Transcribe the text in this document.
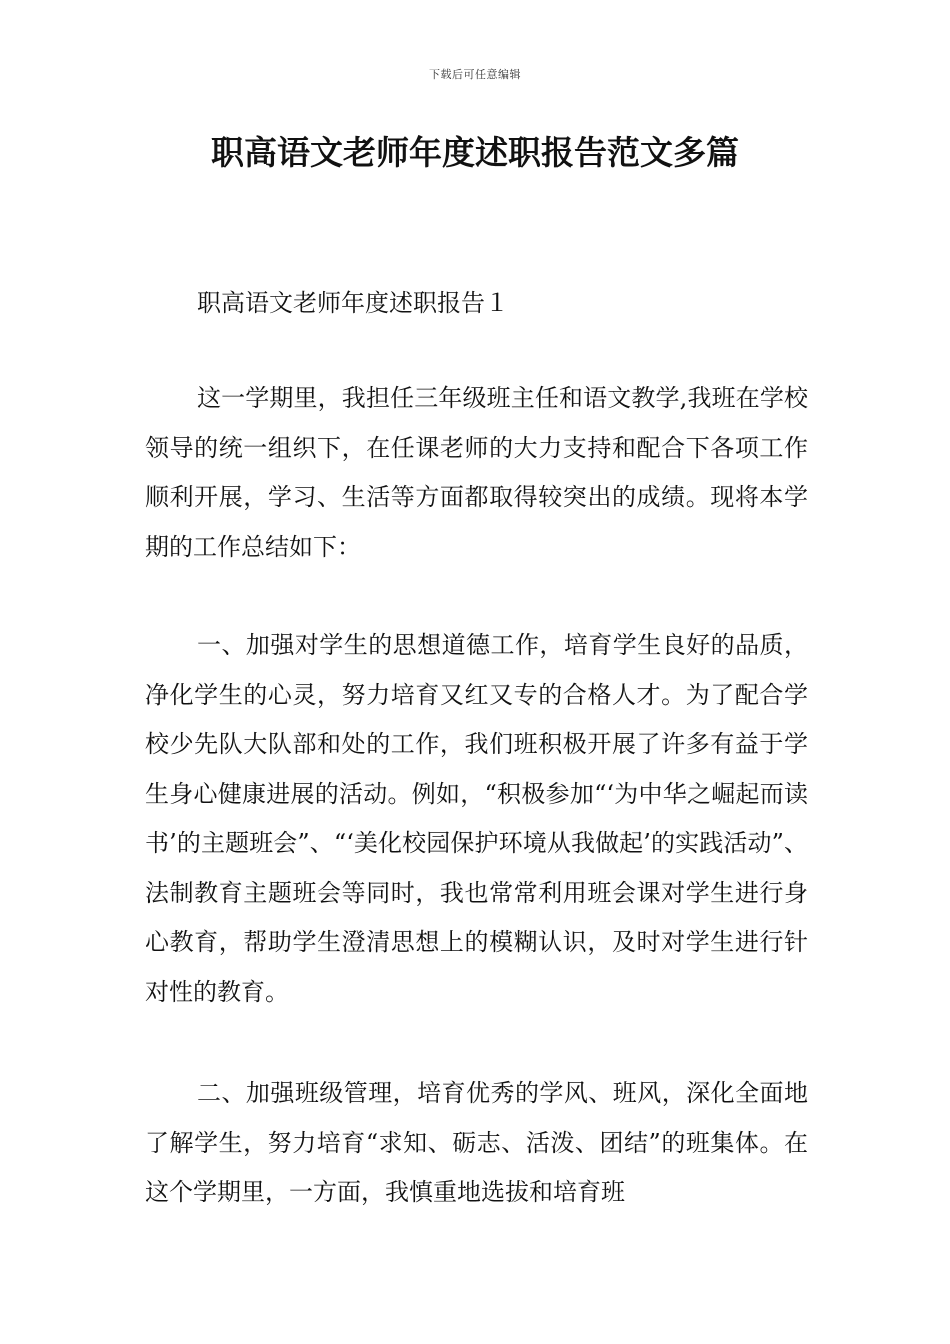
下载后可任意编辑
职高语文老师年度述职报告范文多篇
职高语文老师年度述职报告１

这一学期里，我担任三年级班主任和语文教学,我班在学校领导的统一组织下，在任课老师的大力支持和配合下各项工作顺利开展，学习、生活等方面都取得较突出的成绩。现将本学期的工作总结如下：

一、加强对学生的思想道德工作，培育学生良好的品质，净化学生的心灵，努力培育又红又专的合格人才。为了配合学校少先队大队部和处的工作，我们班积极开展了许多有益于学生身心健康进展的活动。例如，“积极参加“‘为中华之崛起而读书’的主题班会”、“‘美化校园保护环境从我做起’的实践活动”、法制教育主题班会等同时，我也常常利用班会课对学生进行身心教育，帮助学生澄清思想上的模糊认识，及时对学生进行针对性的教育。

二、加强班级管理，培育优秀的学风、班风，深化全面地了解学生，努力培育“求知、砺志、活泼、团结”的班集体。在这个学期里，一方面，我慎重地选拔和培育班
